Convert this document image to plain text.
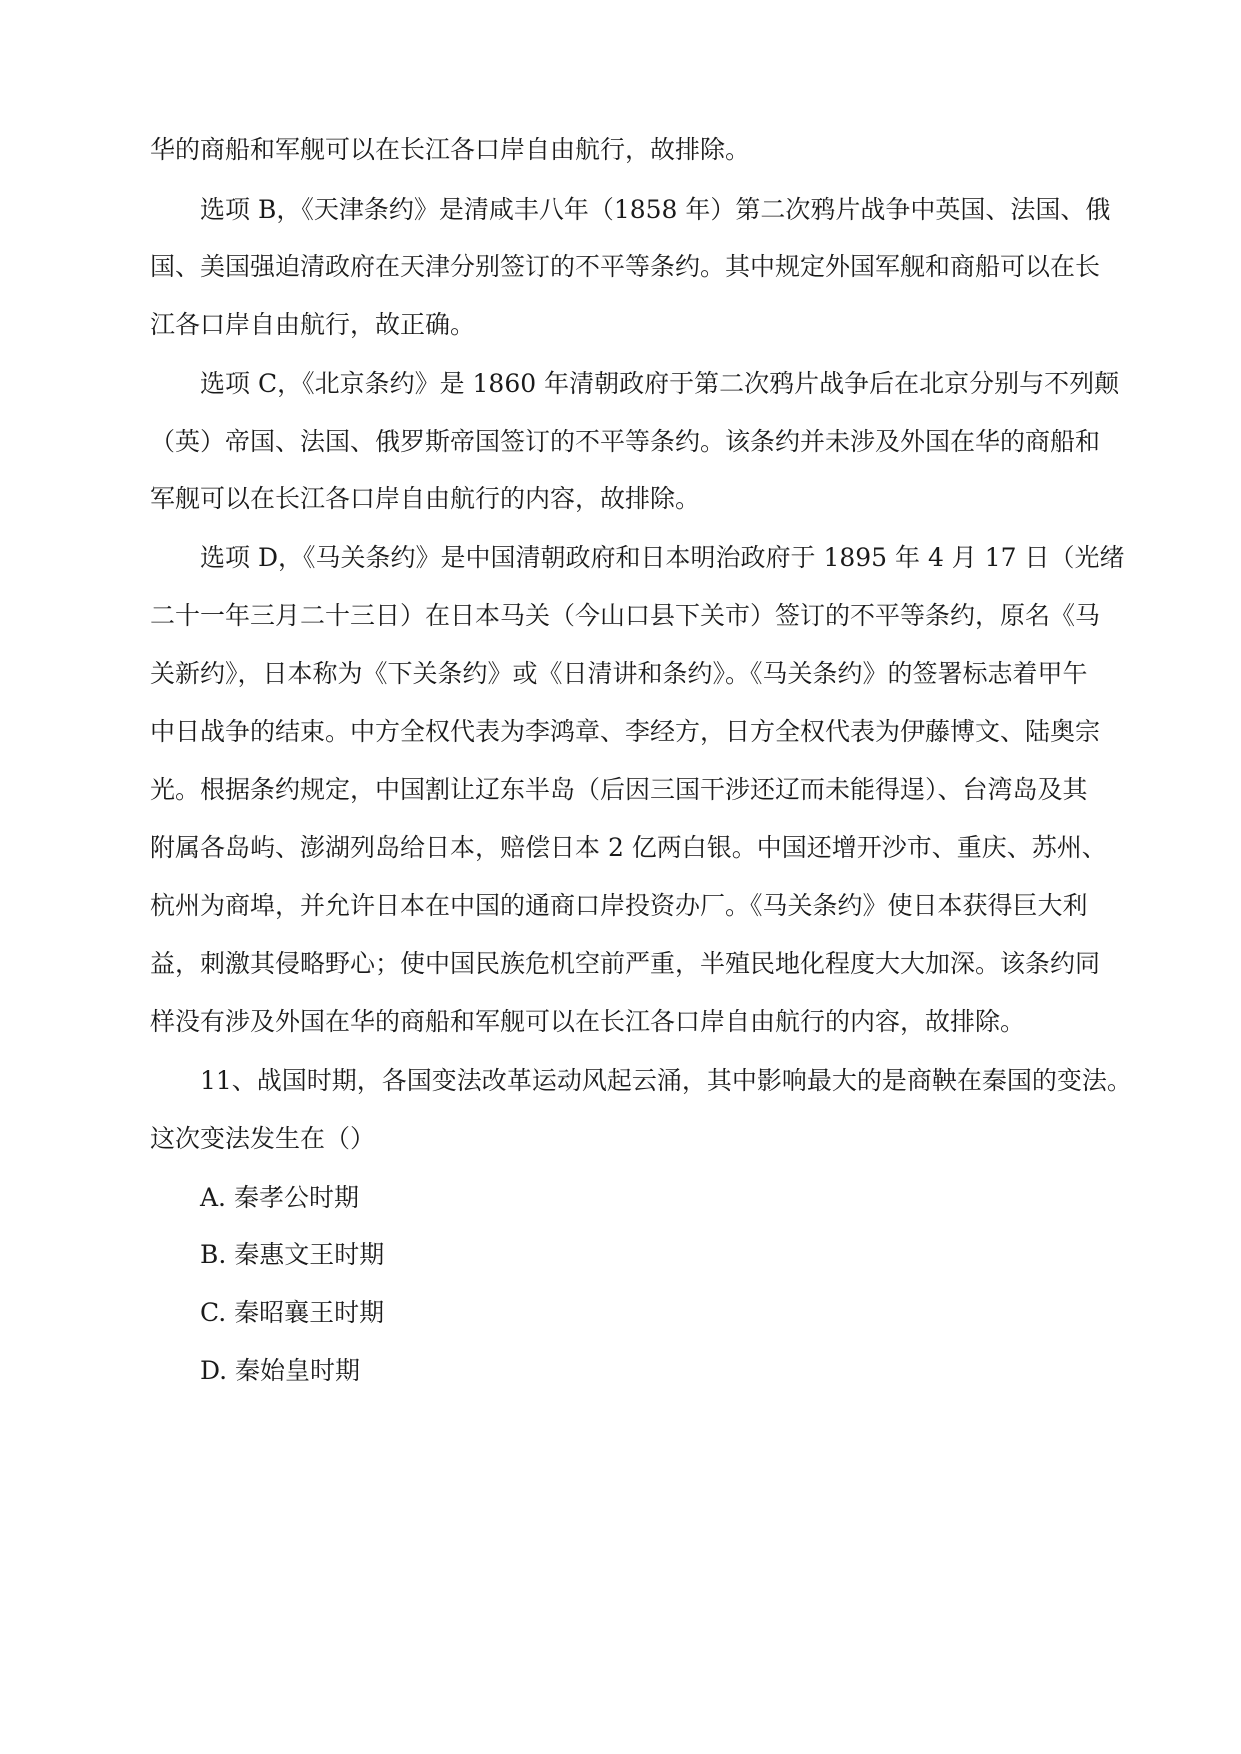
华的商船和军舰可以在长江各口岸自由航行，故排除。

选项 B，《天津条约》是清咸丰八年（1858 年）第二次鸦片战争中英国、法国、俄

国、美国强迫清政府在天津分别签订的不平等条约。其中规定外国军舰和商船可以在长

江各口岸自由航行，故正确。

选项 C，《北京条约》是 1860 年清朝政府于第二次鸦片战争后在北京分别与不列颠

（英）帝国、法国、俄罗斯帝国签订的不平等条约。该条约并未涉及外国在华的商船和

军舰可以在长江各口岸自由航行的内容，故排除。

选项 D，《马关条约》是中国清朝政府和日本明治政府于 1895 年 4 月 17 日（光绪

二十一年三月二十三日）在日本马关（今山口县下关市）签订的不平等条约，原名《马

关新约》，日本称为《下关条约》或《日清讲和条约》。《马关条约》的签署标志着甲午

中日战争的结束。中方全权代表为李鸿章、李经方，日方全权代表为伊藤博文、陆奥宗

光。根据条约规定，中国割让辽东半岛（后因三国干涉还辽而未能得逞）、台湾岛及其

附属各岛屿、澎湖列岛给日本，赔偿日本 2 亿两白银。中国还增开沙市、重庆、苏州、

杭州为商埠，并允许日本在中国的通商口岸投资办厂。《马关条约》使日本获得巨大利

益，刺激其侵略野心；使中国民族危机空前严重，半殖民地化程度大大加深。该条约同

样没有涉及外国在华的商船和军舰可以在长江各口岸自由航行的内容，故排除。

11、战国时期，各国变法改革运动风起云涌，其中影响最大的是商鞅在秦国的变法。

这次变法发生在（）

A. 秦孝公时期

B. 秦惠文王时期

C. 秦昭襄王时期

D. 秦始皇时期
